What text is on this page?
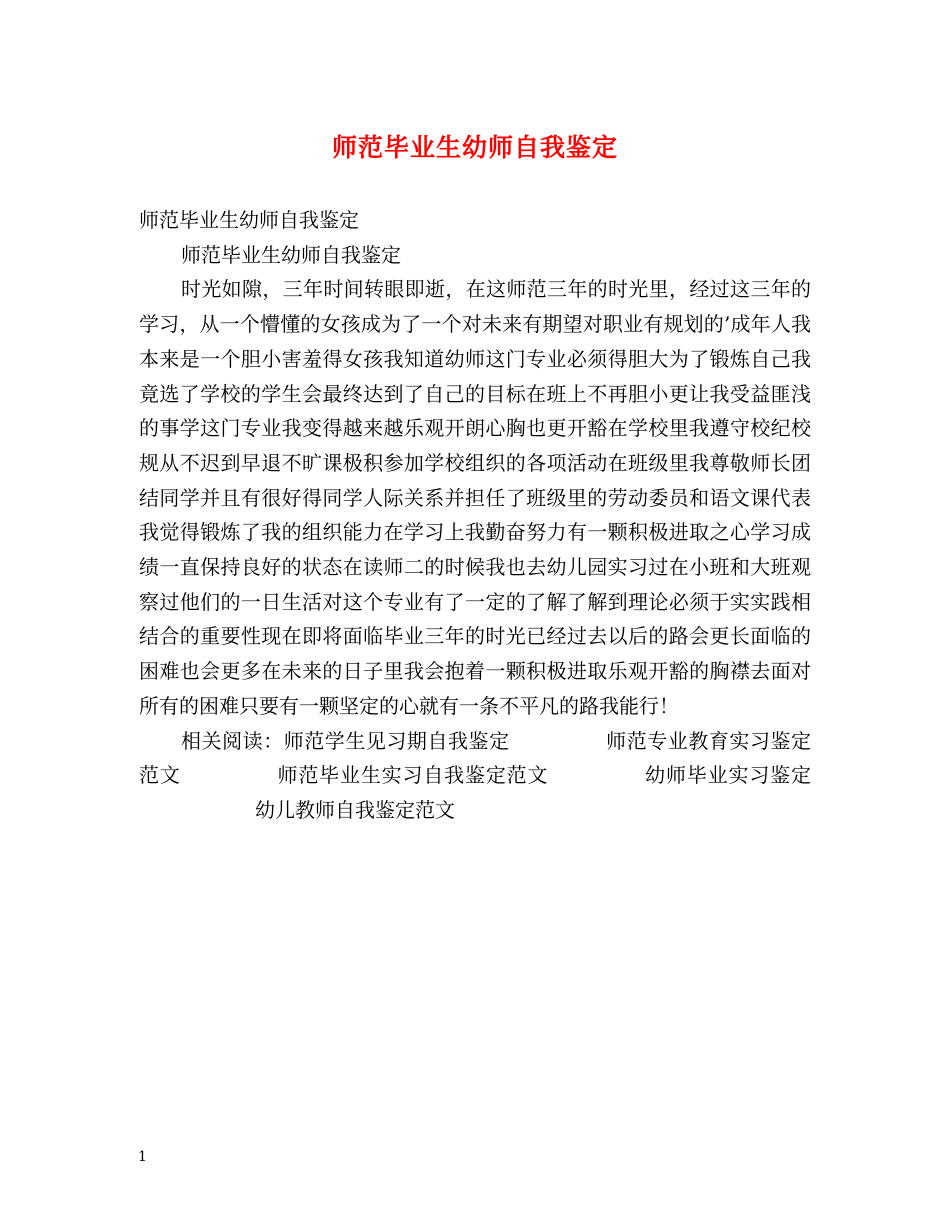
师范毕业生幼师自我鉴定

师范毕业生幼师自我鉴定

师范毕业生幼师自我鉴定

时光如隙，三年时间转眼即逝，在这师范三年的时光里，经过这三年的学习，从一个懵懂的女孩成为了一个对未来有期望对职业有规划的’成年人我本来是一个胆小害羞得女孩我知道幼师这门专业必须得胆大为了锻炼自己我竟选了学校的学生会最终达到了自己的目标在班上不再胆小更让我受益匪浅的事学这门专业我变得越来越乐观开朗心胸也更开豁在学校里我遵守校纪校规从不迟到早退不旷课极积参加学校组织的各项活动在班级里我尊敬师长团结同学并且有很好得同学人际关系并担任了班级里的劳动委员和语文课代表我觉得锻炼了我的组织能力在学习上我勤奋努力有一颗积极进取之心学习成绩一直保持良好的状态在读师二的时候我也去幼儿园实习过在小班和大班观察过他们的一日生活对这个专业有了一定的了解了解到理论必须于实实践相结合的重要性现在即将面临毕业三年的时光已经过去以后的路会更长面临的困难也会更多在未来的日子里我会抱着一颗积极进取乐观开豁的胸襟去面对所有的困难只要有一颗坚定的心就有一条不平凡的路我能行！

相关阅读：师范学生见习期自我鉴定	师范专业教育实习鉴定范文	师范毕业生实习自我鉴定范文	幼师毕业实习鉴定幼儿教师自我鉴定范文

1
